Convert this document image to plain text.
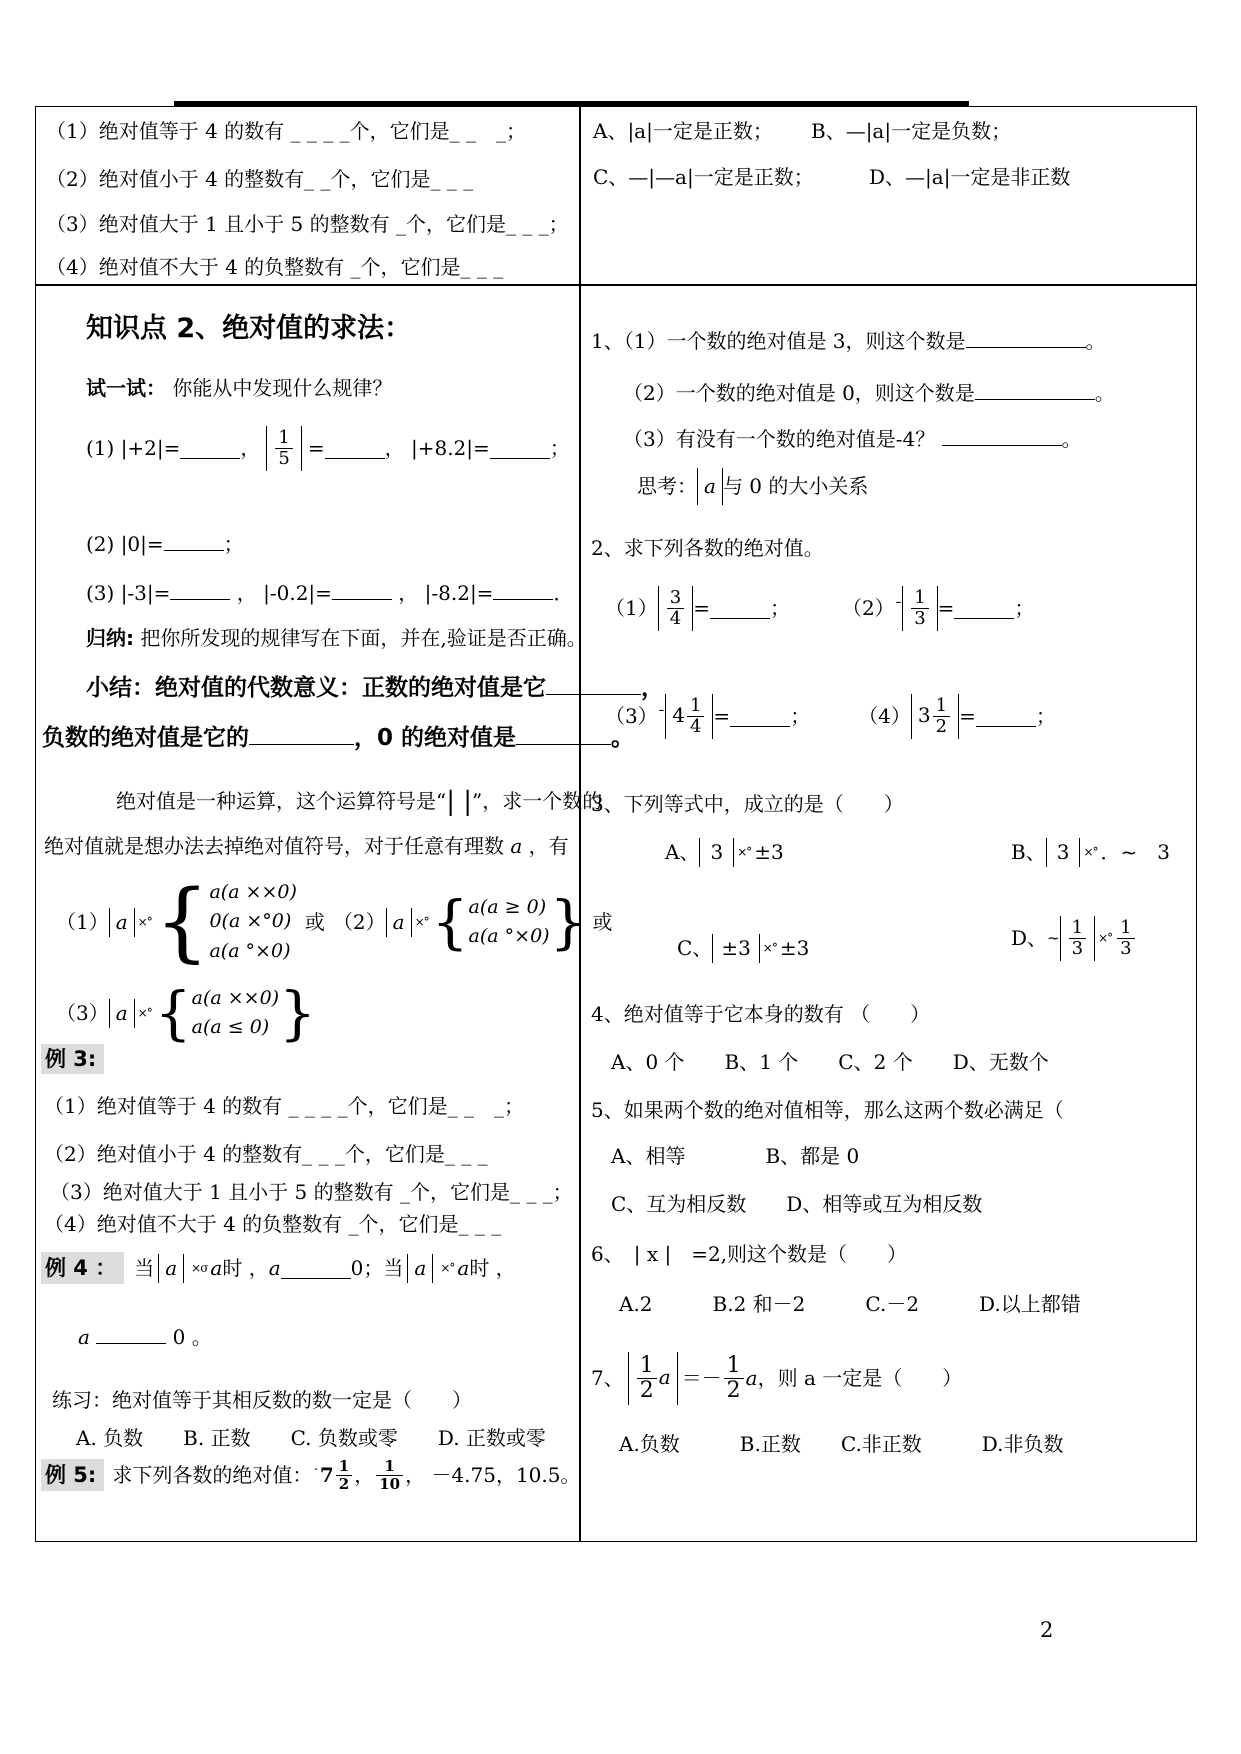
（1）绝对值等于 4 的数有 _ _ _ _个，它们是_ _　_；
（2）绝对值小于 4 的整数有_ _个，它们是_ _ _
（3）绝对值大于 1 且小于 5 的整数有 _个，它们是_ _ _；
（4）绝对值不大于 4 的负整数有 _个，它们是_ _ _
A、|a|一定是正数； B、—|a|一定是负数；
C、—|—a|一定是正数；	D、—|a|一定是非正数
知识点 2、绝对值的求法：
试一试： 你能从中发现什么规律？
(1) |+2|=	， $\frac{1}{5}$ =	， |+8.2|=	；
(2) |0|=	；
(3) |-3|=	， |-0.2|=	， |-8.2|=	．
归纳: 把你所发现的规律写在下面，并在,验证是否正确。
小结：绝对值的代数意义：正数的绝对值是它	，
负数的绝对值是它的	，0 的绝对值是	。
绝对值是一种运算，这个运算符号是“| |”，求一个数的
绝对值就是想办法去掉绝对值符号，对于任意有理数 a ，有
（1） a ×° { a(a ××0)
0(a ×°0)
a(a °×0)
或 （2） a ×° { a(a ≥ 0)
a(a °×0) } 或
（3） a ×° { a(a ××0)
a(a ≤ 0) }
例 3:
（1）绝对值等于 4 的数有 _ _ _ _个，它们是_ _　_；
（2）绝对值小于 4 的整数有_ _ _个，它们是_ _ _
（3）绝对值大于 1 且小于 5 的整数有 _个，它们是_ _ _；
（4）绝对值不大于 4 的负整数有 _个，它们是_ _ _
例 4 ： 当 a	×σ a 时 ， a	0； 当 a	×° a 时 ，
a	0 。
练习：绝对值等于其相反数的数一定是（　　）
A. 负数　　B. 正数　　C. 负数或零　　D. 正数或零
例 5: 求下列各数的绝对值： ˙ $7 \frac{1}{2}$ ， $\frac{1}{10}$ ， －4.75，10.5。
1、（1）一个数的绝对值是 3，则这个数是	。
（2）一个数的绝对值是 0，则这个数是	。
（3）有没有一个数的绝对值是-4？	。
思考： a 与 0 的大小关系
2、求下列各数的绝对值。
$(1) \frac{3}{4}$ =	；	（2） ¯ $\frac{1}{3}$ =	；
（3） ¯ $4 \frac{1}{4}$ =	； （4） $3 \frac{1}{2}$ =	；
3、下列等式中，成立的是（　　）
A、 3	×° ±3	B、 3	×° ．~　3
C、 ±3	×° ±3	D、 ~ $\frac{1}{3}$ ×° $\frac{1}{3}$
4、绝对值等于它本身的数有 （　　）
A、0 个　　B、1 个　　C、2 个　　D、无数个
5、如果两个数的绝对值相等，那么这两个数必满足（
A、相等　　　　B、都是 0
C、互为相反数　　D、相等或互为相反数
6、　| x |　=2,则这个数是（　　）
A.2　　　B.2 和－2　　　C.－2　　　D.以上都错
7、 $\frac{1}{2}$ a ＝ － $\frac{1}{2}$ a ，则 a 一定是（　　）
A.负数　　　B.正数　　C.非正数　　　D.非负数
2
